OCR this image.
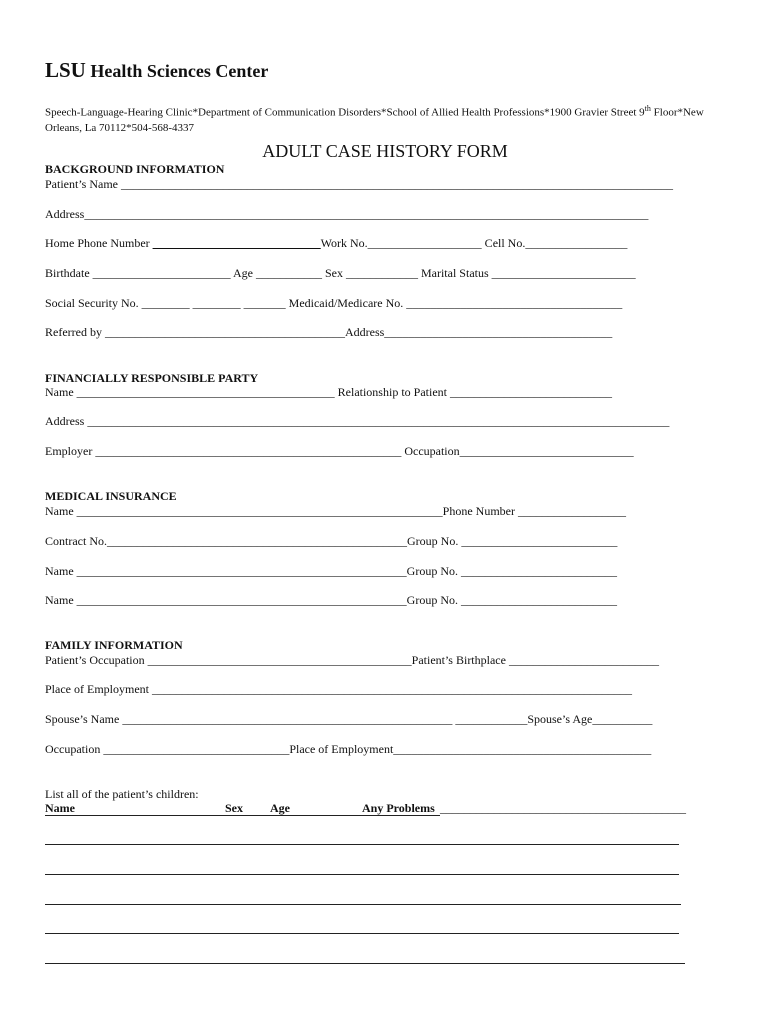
LSU Health Sciences Center
Speech-Language-Hearing Clinic*Department of Communication Disorders*School of Allied Health Professions*1900 Gravier Street 9th Floor*New
Orleans, La 70112*504-568-4337
ADULT CASE HISTORY FORM
BACKGROUND INFORMATION
Patient’s Name ____________________________________________________________________________________________
Address______________________________________________________________________________________________
Home Phone Number ____________________________Work No.___________________ Cell No._________________
Birthdate _______________________ Age ___________ Sex ____________ Marital Status ________________________
Social Security No. ________ ________ _______ Medicaid/Medicare No. ____________________________________
Referred by ________________________________________Address______________________________________
FINANCIALLY RESPONSIBLE PARTY
Name ___________________________________________ Relationship to Patient ___________________________
Address _________________________________________________________________________________________________
Employer ___________________________________________________ Occupation_____________________________
MEDICAL INSURANCE
Name _____________________________________________________________Phone Number __________________
Contract No.__________________________________________________Group No. __________________________
Name _______________________________________________________Group No. __________________________
Name _______________________________________________________Group No. __________________________
FAMILY INFORMATION
Patient’s Occupation ____________________________________________Patient’s Birthplace _________________________
Place of Employment ________________________________________________________________________________
Spouse’s Name _______________________________________________________ ____________Spouse’s Age__________
Occupation _______________________________Place of Employment___________________________________________
List all of the patient’s children:
Name	Sex	Age	Any Problems _________________________________________
